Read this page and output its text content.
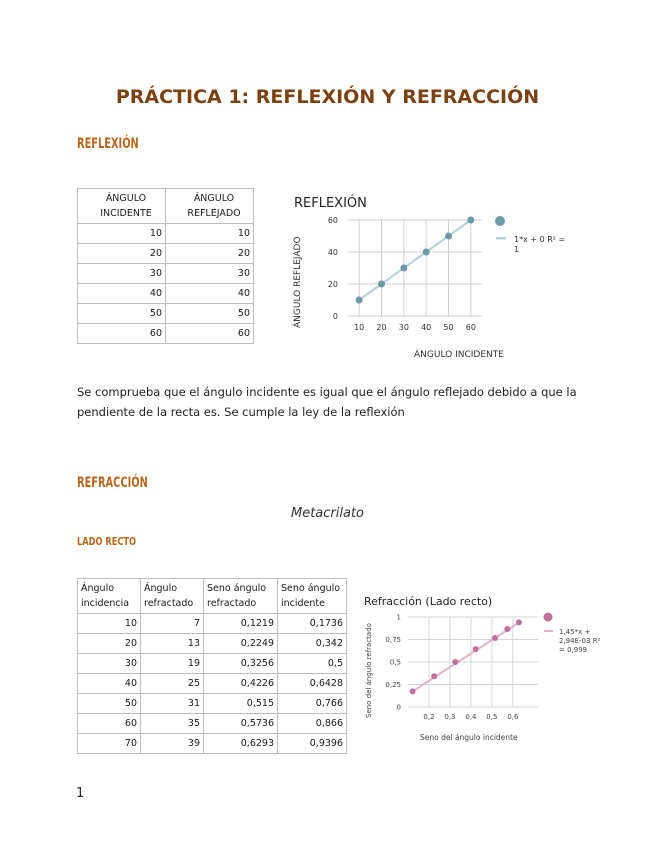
PRÁCTICA 1: REFLEXIÓN Y REFRACCIÓN
REFLEXIÓN
ÁNGULO INCIDENTE	ÁNGULO REFLEJADO
10	10
20	20
30	30
40	40
50	50
60	60
REFLEXIÓN
0
20
40
60
10 20 30 40 50 60
ÁNGULO INCIDENTE
ÁNGULO REFLEJADO	1*x + 0 R² = 1
Se comprueba que el ángulo incidente es igual que el ángulo reflejado debido a que la pendiente de la recta es. Se cumple la ley de la reflexión
REFRACCIÓN
Metacrilato
LADO RECTO
Ángulo incidencia	Ángulo refractado	Seno ángulo refractado	Seno ángulo incidente
10	7	0,1219	0,1736
20	13	0,2249	0,342
30	19	0,3256	0,5
40	25	0,4226	0,6428
50	31	0,515	0,766
60	35	0,5736	0,866
70	39	0,6293	0,9396
Refracción (Lado recto)
0
0,25
0,5
0,75
1
0,2 0,3 0,4 0,5 0,6
Seno del ángulo incidente
Seno del ángulo refractado	1,45*x + 2,94E-03 R² = 0,999
1
